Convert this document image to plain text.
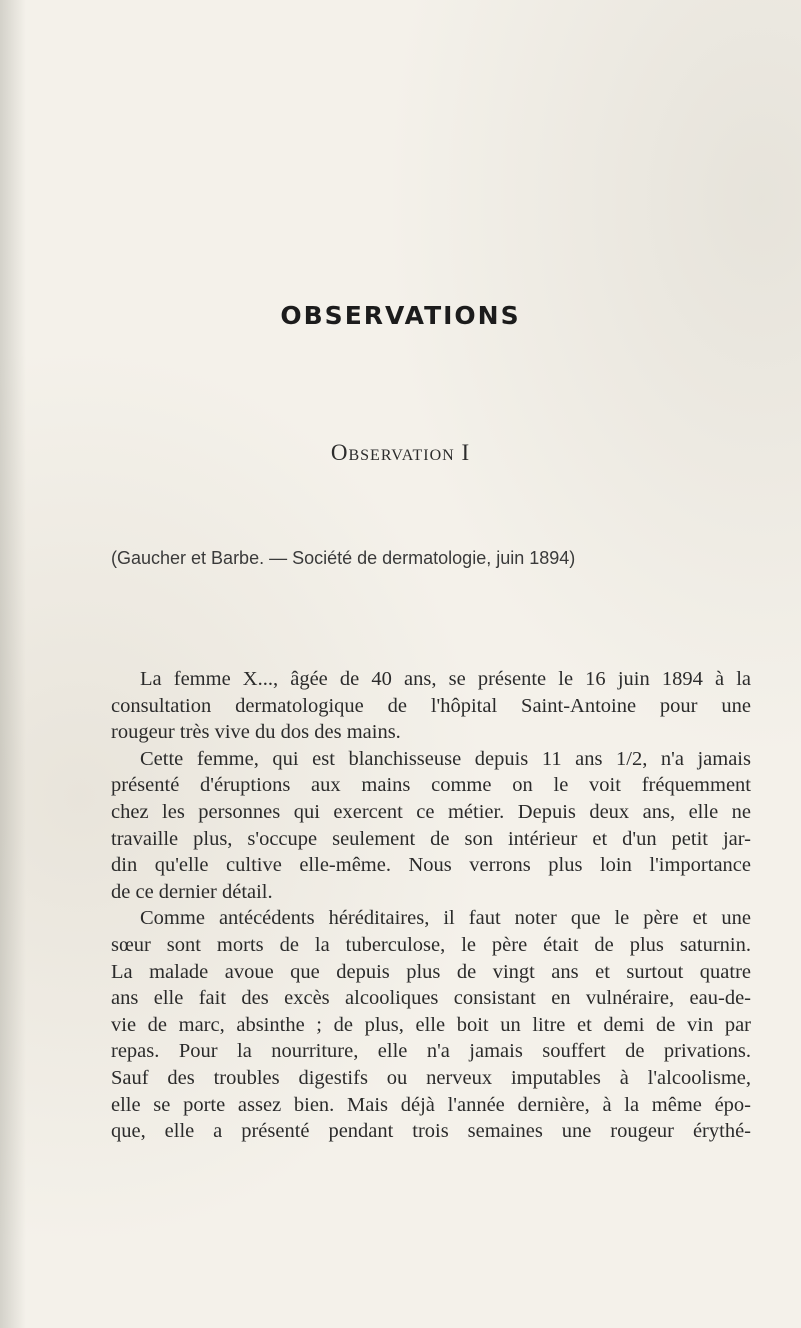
OBSERVATIONS
Observation I
(Gaucher et Barbe. — Société de dermatologie, juin 1894)
La femme X..., âgée de 40 ans, se présente le 16 juin 1894 à la
consultation dermatologique de l'hôpital Saint-Antoine pour une
rougeur très vive du dos des mains.
Cette femme, qui est blanchisseuse depuis 11 ans 1/2, n'a jamais
présenté d'éruptions aux mains comme on le voit fréquemment
chez les personnes qui exercent ce métier. Depuis deux ans, elle ne
travaille plus, s'occupe seulement de son intérieur et d'un petit jar-
din qu'elle cultive elle-même. Nous verrons plus loin l'importance
de ce dernier détail.
Comme antécédents héréditaires, il faut noter que le père et une
sœur sont morts de la tuberculose, le père était de plus saturnin.
La malade avoue que depuis plus de vingt ans et surtout quatre
ans elle fait des excès alcooliques consistant en vulnéraire, eau-de-
vie de marc, absinthe ; de plus, elle boit un litre et demi de vin par
repas. Pour la nourriture, elle n'a jamais souffert de privations.
Sauf des troubles digestifs ou nerveux imputables à l'alcoolisme,
elle se porte assez bien. Mais déjà l'année dernière, à la même épo-
que, elle a présenté pendant trois semaines une rougeur érythé-
